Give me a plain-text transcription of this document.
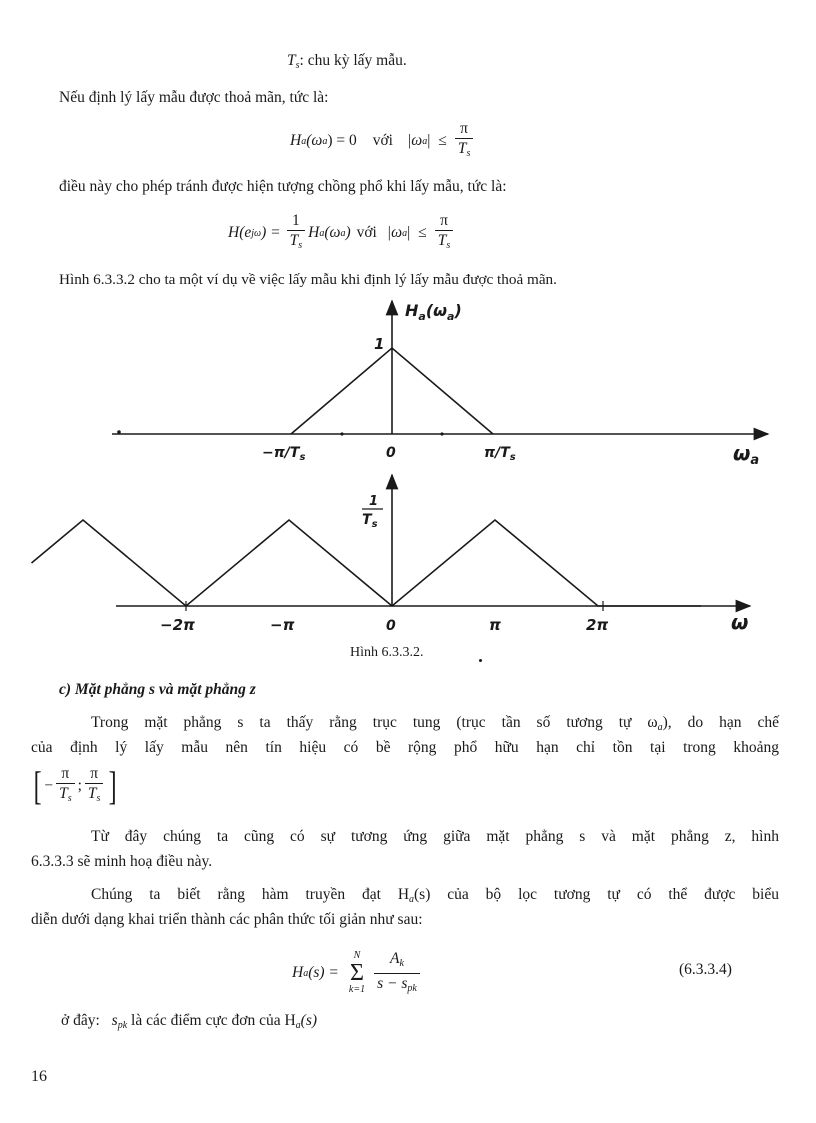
$T_s$: chu kỳ lấy mẫu.
Nếu định lý lấy mẫu được thoả mãn, tức là:
H a (ω a ) = 0 với |ω a | ≤ $\frac{\pi}{T_s}$
điều này cho phép tránh được hiện tượng chồng phổ khi lấy mẫu, tức là:
H(e jω ) = $\frac{1}{T_s}$ H a (ω a ) với |ω a | ≤ $\frac{\pi}{T_s}$
Hình 6.3.3.2 cho ta một ví dụ về việc lấy mẫu khi định lý lấy mẫu được thoả mãn.
$H_a(\omega_a)$
1
$-\pi/T_s$	0	$\pi/T_s$	$\omega_a$
1
$T_s$
−2π	−π	0	π	2π	ω
Hình 6.3.3.2.
c) Mặt phẳng s và mặt phẳng z
Trong mặt phẳng s ta thấy rằng trục tung (trục tần số tương tự $\omega_a$), do hạn chế
của định lý lấy mẫu nên tín hiệu có bề rộng phổ hữu hạn chỉ tồn tại trong khoảng
[ − $\frac{\pi}{T_s}$ ; $\frac{\pi}{T_s}$ ]
Từ đây chúng ta cũng có sự tương ứng giữa mặt phẳng s và mặt phẳng z, hình
6.3.3.3 sẽ minh hoạ điều này.
Chúng ta biết rằng hàm truyền đạt $H_a(s)$ của bộ lọc tương tự có thể được biểu
diễn dưới dạng khai triển thành các phân thức tối giản như sau:
H a (s) =
N
Σ
$k=1 \frac{A_k}{s - s_{pk}}$	(6.3.3.4)
ở đây: $s_{pk}$ là các điểm cực đơn của $H_a(s)$
16
